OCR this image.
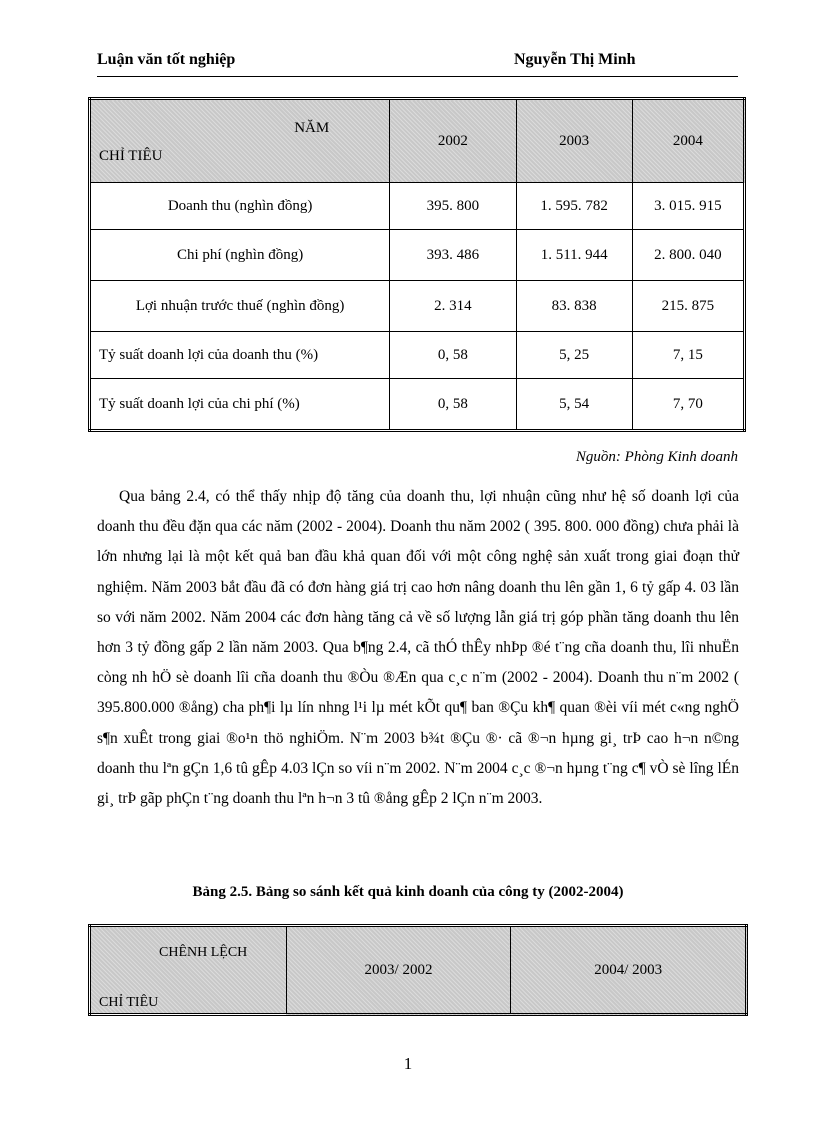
Luận văn tốt nghiệp	Nguyễn Thị Minh
NĂM
CHỈ TIÊU	2002	2003	2004
Doanh thu (nghìn đồng)	395. 800	1. 595. 782	3. 015. 915
Chi phí (nghìn đồng)	393. 486	1. 511. 944	2. 800. 040
Lợi nhuận trước thuế (nghìn đồng)	2. 314	83. 838	215. 875
Tỷ suất doanh lợi của doanh thu (%)	0, 58	5, 25	7, 15
Tỷ suất doanh lợi của chi phí (%)	0, 58	5, 54	7, 70
Nguồn: Phòng Kinh doanh

Qua bảng 2.4, có thể thấy nhịp độ tăng của doanh thu, lợi nhuận cũng như hệ số doanh lợi của doanh thu đều đặn qua các năm (2002 - 2004). Doanh thu năm 2002 ( 395. 800. 000 đồng) chưa phải là lớn nhưng lại là một kết quả ban đầu khả quan đối với một công nghệ sản xuất trong giai đoạn thử nghiệm. Năm 2003 bắt đầu đã có đơn hàng giá trị cao hơn nâng doanh thu lên gần 1, 6 tỷ gấp 4. 03 lần so với năm 2002. Năm 2004 các đơn hàng tăng cả về số lượng lẫn giá trị góp phần tăng doanh thu lên hơn 3 tỷ đồng gấp 2 lần năm 2003. Qua b¶ng 2.4, cã thÓ thÊy nhÞp ®é t¨ng cña doanh thu, lîi nhuËn còng nh hÖ sè doanh lîi cña doanh thu ®Òu ®Æn qua c¸c n¨m (2002 - 2004). Doanh thu n¨m 2002 ( 395.800.000 ®ång) cha ph¶i lµ lín nhng l¹i lµ mét kÕt qu¶ ban ®Çu kh¶ quan ®èi víi mét c«ng nghÖ s¶n xuÊt trong giai ®o¹n thö nghiÖm. N¨m 2003 b¾t ®Çu ®· cã ®¬n hµng gi¸ trÞ cao h¬n n©ng doanh thu lªn gÇn 1,6 tû gÊp 4.03 lÇn so víi n¨m 2002. N¨m 2004 c¸c ®¬n hµng t¨ng c¶ vÒ sè lîng lÉn gi¸ trÞ gãp phÇn t¨ng doanh thu lªn h¬n 3 tû ®ång gÊp 2 lÇn n¨m 2003.

Bảng 2.5. Bảng so sánh kết quả kinh doanh của công ty (2002-2004)
CHÊNH LỆCH
CHỈ TIÊU
	2003/ 2002	2004/ 2003
1
